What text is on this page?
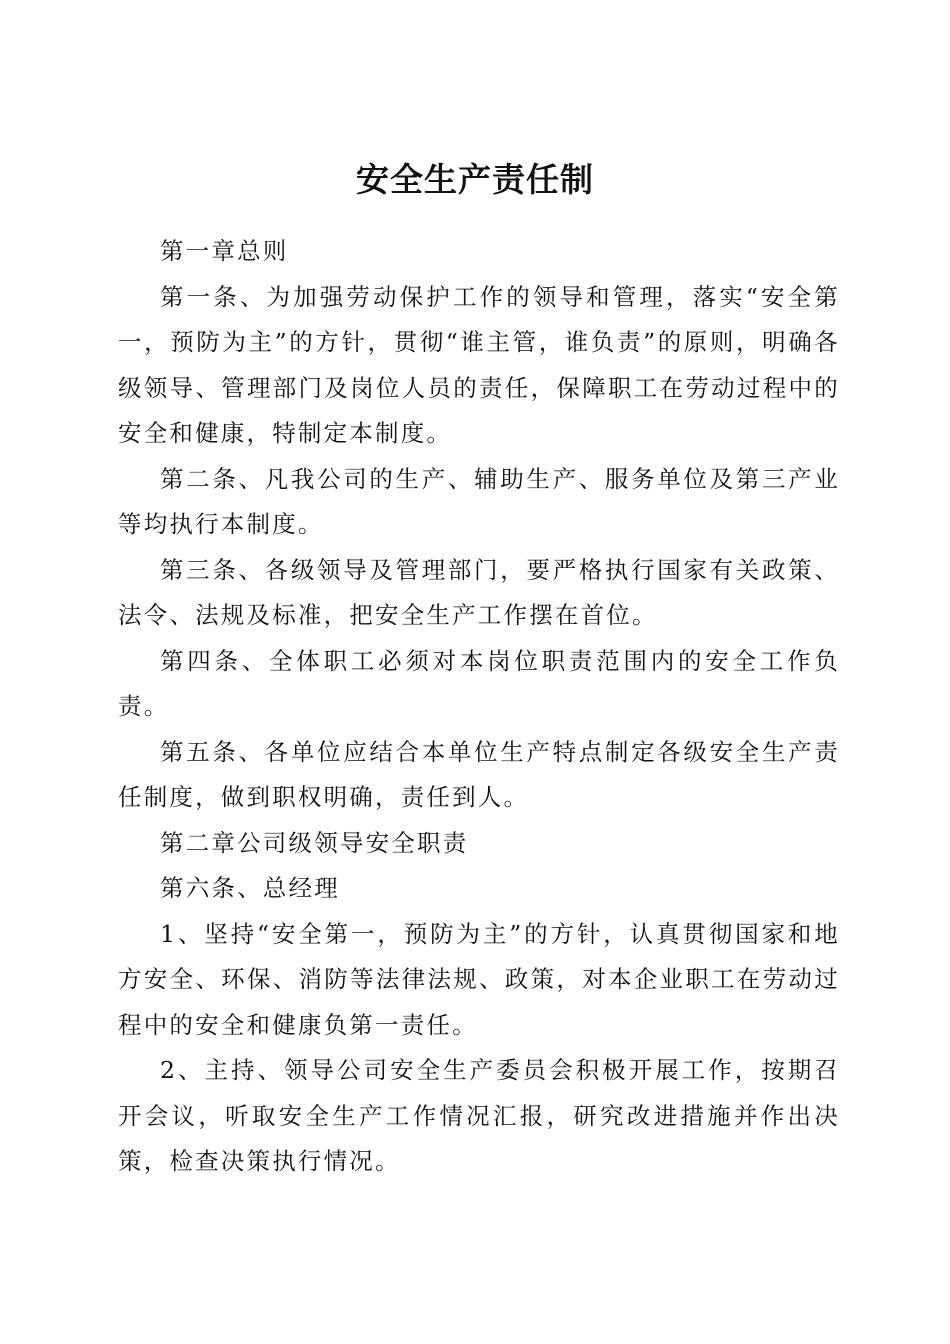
安全生产责任制

第一章总则

第一条、为加强劳动保护工作的领导和管理，落实“安全第一，预防为主”的方针，贯彻“谁主管，谁负责”的原则，明确各级领导、管理部门及岗位人员的责任，保障职工在劳动过程中的安全和健康，特制定本制度。

第二条、凡我公司的生产、辅助生产、服务单位及第三产业等均执行本制度。

第三条、各级领导及管理部门，要严格执行国家有关政策、法令、法规及标准，把安全生产工作摆在首位。

第四条、全体职工必须对本岗位职责范围内的安全工作负责。

第五条、各单位应结合本单位生产特点制定各级安全生产责任制度，做到职权明确，责任到人。

第二章公司级领导安全职责

第六条、总经理

1、坚持“安全第一，预防为主”的方针，认真贯彻国家和地方安全、环保、消防等法律法规、政策，对本企业职工在劳动过程中的安全和健康负第一责任。

2、主持、领导公司安全生产委员会积极开展工作，按期召开会议，听取安全生产工作情况汇报，研究改进措施并作出决策，检查决策执行情况。
